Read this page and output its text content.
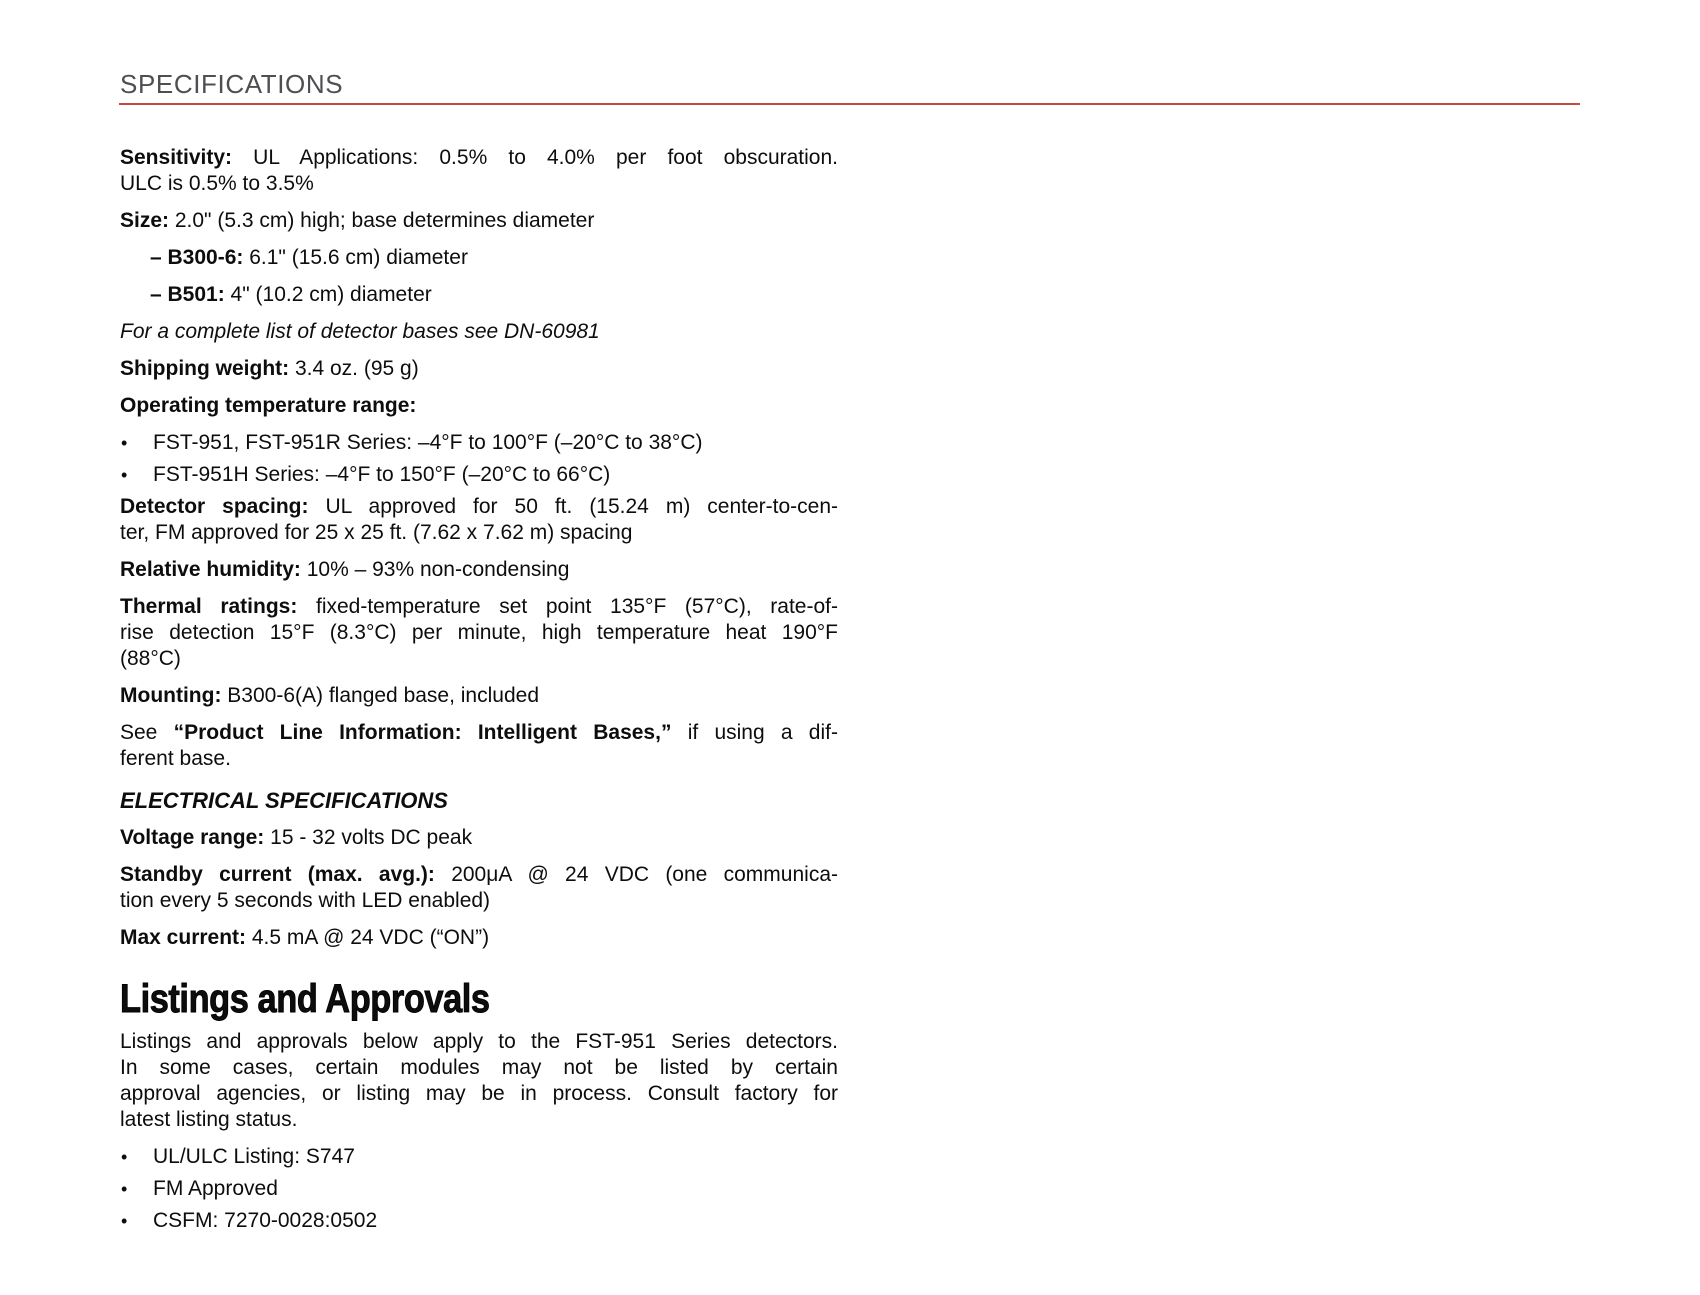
SPECIFICATIONS
Sensitivity: UL Applications: 0.5% to 4.0% per foot obscuration.
ULC is 0.5% to 3.5%
Size: 2.0" (5.3 cm) high; base determines diameter
– B300-6: 6.1" (15.6 cm) diameter
– B501: 4" (10.2 cm) diameter
For a complete list of detector bases see DN-60981
Shipping weight: 3.4 oz. (95 g)
Operating temperature range:
• FST-951, FST-951R Series: –4°F to 100°F (–20°C to 38°C)
• FST-951H Series: –4°F to 150°F (–20°C to 66°C)
Detector spacing: UL approved for 50 ft. (15.24 m) center-to-cen-
ter, FM approved for 25 x 25 ft. (7.62 x 7.62 m) spacing
Relative humidity: 10% – 93% non-condensing
Thermal ratings: fixed-temperature set point 135°F (57°C), rate-of-
rise detection 15°F (8.3°C) per minute, high temperature heat 190°F
(88°C)
Mounting: B300-6(A) flanged base, included
See “Product Line Information: Intelligent Bases,” if using a dif-
ferent base.
ELECTRICAL SPECIFICATIONS
Voltage range: 15 - 32 volts DC peak
Standby current (max. avg.): 200μA @ 24 VDC (one communica-
tion every 5 seconds with LED enabled)
Max current: 4.5 mA @ 24 VDC (“ON”)
Listings and Approvals
Listings and approvals below apply to the FST-951 Series detectors.
In some cases, certain modules may not be listed by certain
approval agencies, or listing may be in process. Consult factory for
latest listing status.
• UL/ULC Listing: S747
• FM Approved
• CSFM: 7270-0028:0502
